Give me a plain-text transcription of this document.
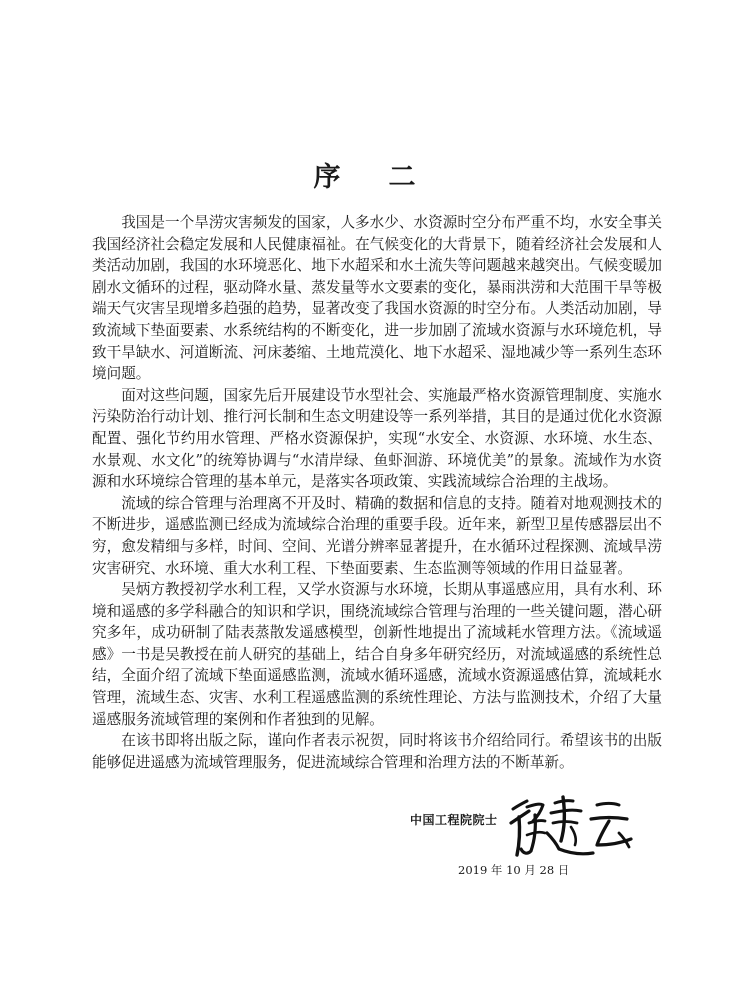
序 二

我国是一个旱涝灾害频发的国家，人多水少、水资源时空分布严重不均，水安全事关我国经济社会稳定发展和人民健康福祉。在气候变化的大背景下，随着经济社会发展和人类活动加剧，我国的水环境恶化、地下水超采和水土流失等问题越来越突出。气候变暖加剧水文循环的过程，驱动降水量、蒸发量等水文要素的变化，暴雨洪涝和大范围干旱等极端天气灾害呈现增多趋强的趋势，显著改变了我国水资源的时空分布。人类活动加剧，导致流域下垫面要素、水系统结构的不断变化，进一步加剧了流域水资源与水环境危机，导致干旱缺水、河道断流、河床萎缩、土地荒漠化、地下水超采、湿地减少等一系列生态环境问题。

面对这些问题，国家先后开展建设节水型社会、实施最严格水资源管理制度、实施水污染防治行动计划、推行河长制和生态文明建设等一系列举措，其目的是通过优化水资源配置、强化节约用水管理、严格水资源保护，实现“水安全、水资源、水环境、水生态、水景观、水文化”的统筹协调与“水清岸绿、鱼虾洄游、环境优美”的景象。流域作为水资源和水环境综合管理的基本单元，是落实各项政策、实践流域综合治理的主战场。

流域的综合管理与治理离不开及时、精确的数据和信息的支持。随着对地观测技术的不断进步，遥感监测已经成为流域综合治理的重要手段。近年来，新型卫星传感器层出不穷，愈发精细与多样，时间、空间、光谱分辨率显著提升，在水循环过程探测、流域旱涝灾害研究、水环境、重大水利工程、下垫面要素、生态监测等领域的作用日益显著。

吴炳方教授初学水利工程，又学水资源与水环境，长期从事遥感应用，具有水利、环境和遥感的多学科融合的知识和学识，围绕流域综合管理与治理的一些关键问题，潜心研究多年，成功研制了陆表蒸散发遥感模型，创新性地提出了流域耗水管理方法。《流域遥感》一书是吴教授在前人研究的基础上，结合自身多年研究经历，对流域遥感的系统性总结，全面介绍了流域下垫面遥感监测，流域水循环遥感，流域水资源遥感估算，流域耗水管理，流域生态、灾害、水利工程遥感监测的系统性理论、方法与监测技术，介绍了大量遥感服务流域管理的案例和作者独到的见解。

在该书即将出版之际，谨向作者表示祝贺，同时将该书介绍给同行。希望该书的出版能够促进遥感为流域管理服务，促进流域综合管理和治理方法的不断革新。

中国工程院院士
2019 年 10 月 28 日
